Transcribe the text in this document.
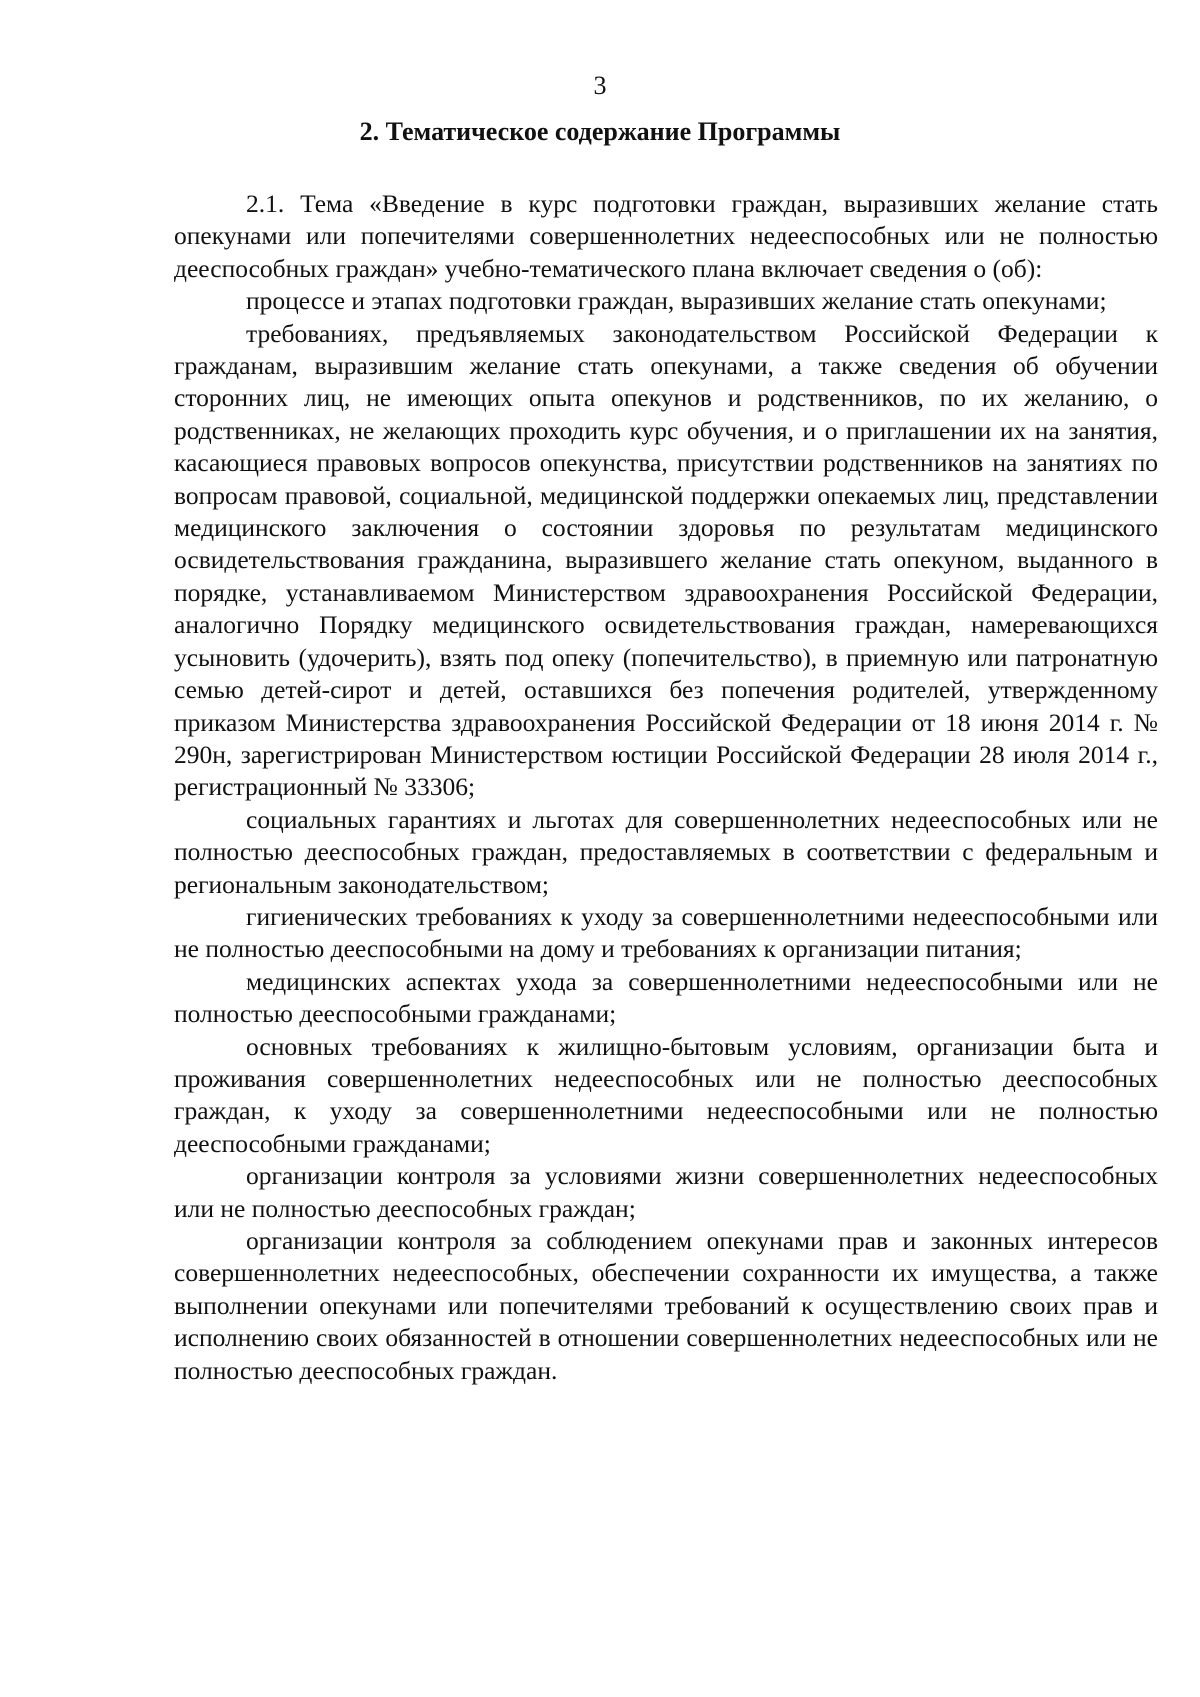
3
2. Тематическое содержание Программы

2.1. Тема «Введение в курс подготовки граждан, выразивших желание стать опекунами или попечителями совершеннолетних недееспособных или не полностью дееспособных граждан» учебно-тематического плана включает сведения о (об):

процессе и этапах подготовки граждан, выразивших желание стать опекунами;

требованиях, предъявляемых законодательством Российской Федерации к гражданам, выразившим желание стать опекунами, а также сведения об обучении сторонних лиц, не имеющих опыта опекунов и родственников, по их желанию, о родственниках, не желающих проходить курс обучения, и о приглашении их на занятия, касающиеся правовых вопросов опекунства, присутствии родственников на занятиях по вопросам правовой, социальной, медицинской поддержки опекаемых лиц, представлении медицинского заключения о состоянии здоровья по результатам медицинского освидетельствования гражданина, выразившего желание стать опекуном, выданного в порядке, устанавливаемом Министерством здравоохранения Российской Федерации, аналогично Порядку медицинского освидетельствования граждан, намеревающихся усыновить (удочерить), взять под опеку (попечительство), в приемную или патронатную семью детей-сирот и детей, оставшихся без попечения родителей, утвержденному приказом Министерства здравоохранения Российской Федерации от 18 июня 2014 г. № 290н, зарегистрирован Министерством юстиции Российской Федерации 28 июля 2014 г., регистрационный № 33306;

социальных гарантиях и льготах для совершеннолетних недееспособных или не полностью дееспособных граждан, предоставляемых в соответствии с федеральным и региональным законодательством;

гигиенических требованиях к уходу за совершеннолетними недееспособными или не полностью дееспособными на дому и требованиях к организации питания;

медицинских аспектах ухода за совершеннолетними недееспособными или не полностью дееспособными гражданами;

основных требованиях к жилищно-бытовым условиям, организации быта и проживания совершеннолетних недееспособных или не полностью дееспособных граждан, к уходу за совершеннолетними недееспособными или не полностью дееспособными гражданами;

организации контроля за условиями жизни совершеннолетних недееспособных или не полностью дееспособных граждан;

организации контроля за соблюдением опекунами прав и законных интересов совершеннолетних недееспособных, обеспечении сохранности их имущества, а также выполнении опекунами или попечителями требований к осуществлению своих прав и исполнению своих обязанностей в отношении совершеннолетних недееспособных или не полностью дееспособных граждан.
